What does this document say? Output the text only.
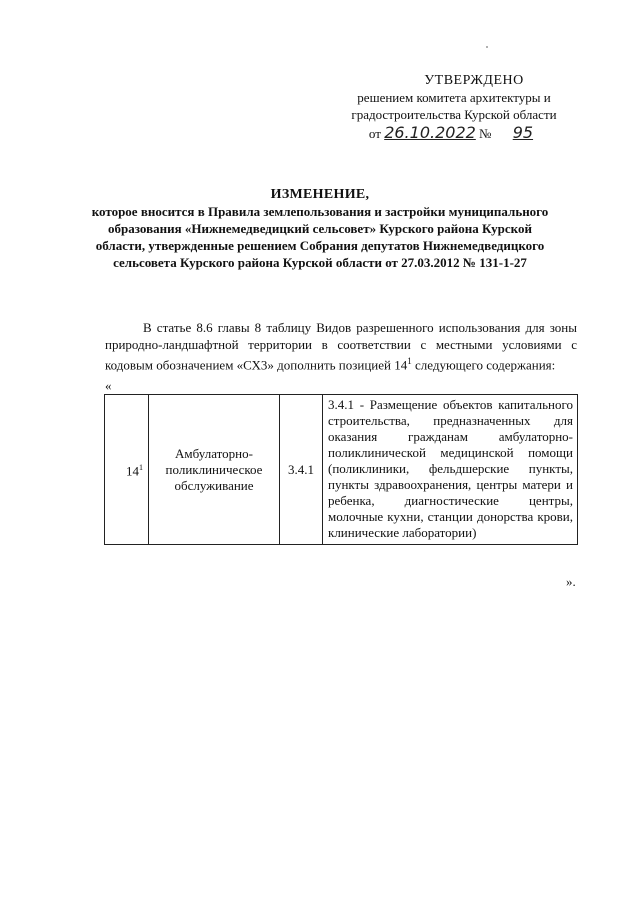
УТВЕРЖДЕНО
решением комитета архитектуры и
градостроительства Курской области
от 26.10.2022 № 95
ИЗМЕНЕНИЕ,
которое вносится в Правила землепользования и застройки муниципального образования «Нижнемедведицкий сельсовет» Курского района Курской области, утвержденные решением Собрания депутатов Нижнемедведицкого сельсовета Курского района Курской области от 27.03.2012 № 131-1-27
В статье 8.6 главы 8 таблицу Видов разрешенного использования для зоны природно-ландшафтной территории в соответствии с местными условиями с кодовым обозначением «СХ3» дополнить позицией $14^1$ следующего содержания:
«
$14^1$	Амбулаторно-поликлиническое обслуживание	3.4.1	3.4.1 - Размещение объектов капитального строительства, предназначенных для оказания гражданам амбулаторно-поликлинической медицинской помощи (поликлиники, фельдшерские пункты, пункты здравоохранения, центры матери и ребенка, диагностические центры, молочные кухни, станции донорства крови, клинические лаборатории)
».
